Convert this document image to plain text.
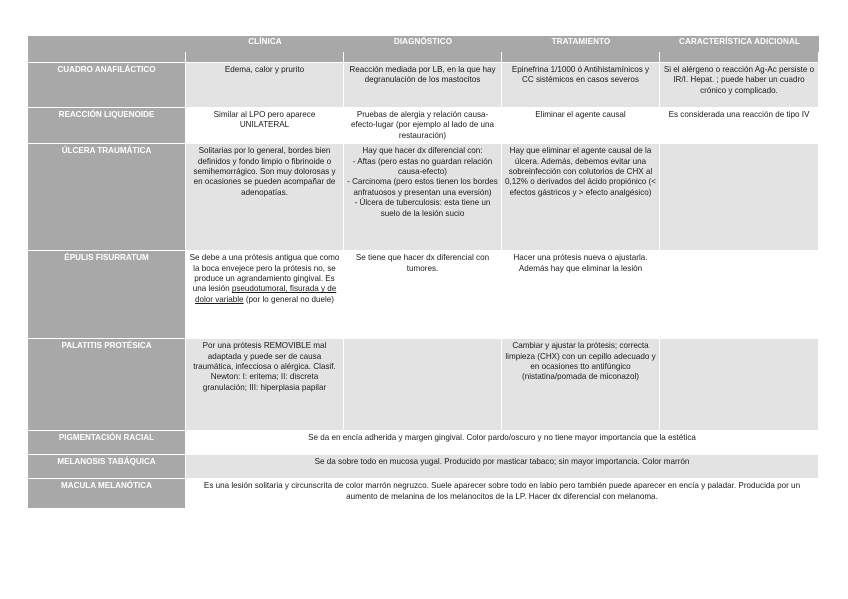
	CLÍNICA	DIAGNÓSTICO	TRATAMIENTO	CARACTERÍSTICA ADICIONAL

CUADRO ANAFILÁCTICO	Edema, calor y prurito	Reacción mediada por LB, en la que hay degranulación de los mastocitos	Epinefrina 1/1000 ó Antihistamínicos y CC sistémicos en casos severos	Si el alérgeno o reacción Ag-Ac persiste o IR/I. Hepat. ; puede haber un cuadro crónico y complicado.
REACCIÓN LIQUENOIDE	Similar al LPO pero aparece UNILATERAL	Pruebas de alergia y relación causa-efecto-lugar (por ejemplo al lado de una restauración)	Eliminar el agente causal	Es considerada una reacción de tipo IV
ÚLCERA TRAUMÁTICA	Solitarias por lo general, bordes bien definidos y fondo limpio o fibrinoide o semihemorrágico. Son muy dolorosas y en ocasiones se pueden acompañar de adenopatías.	Hay que hacer dx diferencial con:
- Aftas (pero estas no guardan relación causa-efecto)
- Carcinoma (pero estos tienen los bordes anfratuosos y presentan una eversión)
- Úlcera de tuberculosis: esta tiene un suelo de la lesión sucio	Hay que eliminar el agente causal de la úlcera. Además, debemos evitar una sobreinfección con colutorios de CHX al 0,12% o derivados del ácido propiónico (< efectos gástricos y > efecto analgésico)	
ÉPULIS FISURRATUM	Se debe a una prótesis antigua que como la boca envejece pero la prótesis no, se produce un agrandamiento gingival. Es una lesión pseudotumoral, fisurada y de dolor variable (por lo general no duele)	Se tiene que hacer dx diferencial con tumores.	Hacer una prótesis nueva o ajustarla. Además hay que eliminar la lesión	
PALATITIS PROTÉSICA	Por una prótesis REMOVIBLE mal adaptada y puede ser de causa traumática, infecciosa o alérgica. Clasif. Newton: I: eritema; II: discreta granulación; III: hiperplasia papilar		Cambiar y ajustar la prótesis; correcta limpieza (CHX) con un cepillo adecuado y en ocasiones tto antifúngico (nistatina/pomada de miconazol)	
PIGMENTACIÓN RACIAL	Se da en encía adherida y margen gingival. Color pardo/oscuro y no tiene mayor importancia que la estética			
MELANOSIS TABÁQUICA	Se da sobre todo en mucosa yugal. Producido por masticar tabaco; sin mayor importancia. Color marrón			
MACULA MELANÓTICA	Es una lesión solitaria y circunscrita de color marrón negruzco. Suele aparecer sobre todo en labio pero también puede aparecer en encía y paladar. Producida por un aumento de melanina de los melanocitos de la LP. Hacer dx diferencial con melanoma.			
